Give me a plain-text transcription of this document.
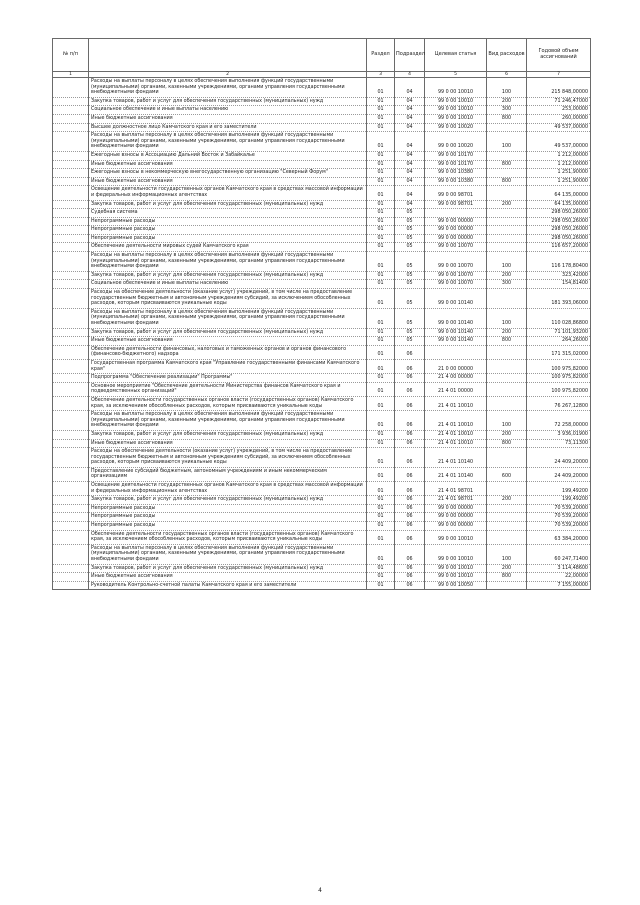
№ п/п		Раздел	Подраздел	Целевая статья	Вид расходов	Годовой объем ассигнований
1	2	3	4	5	6	7
	Расходы на выплаты персоналу в целях обеспечения выполнения функций государственными (муниципальными) органами, казенными учреждениями, органами управления государственными внебюджетными фондами	01	04	99 0 00 10010	100	215 848,00000
	Закупка товаров, работ и услуг для обеспечения государственных (муниципальных) нужд	01	04	99 0 00 10010	200	71 246,47000
	Социальное обеспечение и иные выплаты населению	01	04	99 0 00 10010	300	253,00000
	Иные бюджетные ассигнования	01	04	99 0 00 10010	800	260,00000
	Высшее должностное лицо Камчатского края и его заместители	01	04	99 0 00 10020		49 537,00000
	Расходы на выплаты персоналу в целях обеспечения выполнения функций государственными (муниципальными) органами, казенными учреждениями, органами управления государственными внебюджетными фондами	01	04	99 0 00 10020	100	49 537,00000
	Ежегодные взносы в Ассоциацию Дальний Восток и Забайкалье	01	04	99 0 00 10170		1 212,00000
	Иные бюджетные ассигнования	01	04	99 0 00 10170	800	1 212,00000
	Ежегодные взносы в некоммерческую внегосударственную организацию "Северный Форум"	01	04	99 0 00 10380		1 251,90000
	Иные бюджетные ассигнования	01	04	99 0 00 10380	800	1 251,90000
	Освещение деятельности государственных органов Камчатского края в средствах массовой информации и федеральных информационных агентствах	01	04	99 0 00 98701		64 135,00000
	Закупка товаров, работ и услуг для обеспечения государственных (муниципальных) нужд	01	04	99 0 00 98701	200	64 135,00000
	Судебная система	01	05			298 050,26000
	Непрограммные расходы	01	05	99 0 00 00000		298 050,26000
	Непрограммные расходы	01	05	99 0 00 00000		298 050,26000
	Непрограммные расходы	01	05	99 0 00 00000		298 050,26000
	Обеспечение деятельности мировых судей Камчатского края	01	05	99 0 00 10070		116 657,20000
	Расходы на выплаты персоналу в целях обеспечения выполнения функций государственными (муниципальными) органами, казенными учреждениями, органами управления государственными внебюджетными фондами	01	05	99 0 00 10070	100	116 178,80400
	Закупка товаров, работ и услуг для обеспечения государственных (муниципальных) нужд	01	05	99 0 00 10070	200	323,42000
	Социальное обеспечение и иные выплаты населению	01	05	99 0 00 10070	300	154,81400
	Расходы на обеспечение деятельности (оказание услуг) учреждений, в том числе на предоставление государственным бюджетным и автономным учреждениям субсидий, за исключением обособленных расходов, которым присваиваются уникальные коды	01	05	99 0 00 10140		181 393,06000
	Расходы на выплаты персоналу в целях обеспечения выполнения функций государственными (муниципальными) органами, казенными учреждениями, органами управления государственными внебюджетными фондами	01	05	99 0 00 10140	100	110 028,86800
	Закупка товаров, работ и услуг для обеспечения государственных (муниципальных) нужд	01	05	99 0 00 10140	200	71 101,93200
	Иные бюджетные ассигнования	01	05	99 0 00 10140	800	264,26000
	Обеспечение деятельности финансовых, налоговых и таможенных органов и органов финансового (финансово-бюджетного) надзора	01	06			171 315,02000
	Государственная программа Камчатского края "Управление государственными финансами Камчатского края"	01	06	21 0 00 00000		100 975,82000
	Подпрограмма "Обеспечение реализации" Программы"	01	06	21 4 00 00000		100 975,82000
	Основное мероприятие "Обеспечение деятельности Министерства финансов Камчатского края и подведомственных организаций"	01	06	21 4 01 00000		100 975,82000
	Обеспечение деятельности государственных органов власти (государственных органов) Камчатского края, за исключением обособленных расходов, которым присваиваются уникальные коды	01	06	21 4 01 10010		76 267,12800
	Расходы на выплаты персоналу в целях обеспечения выполнения функций государственными (муниципальными) органами, казенными учреждениями, органами управления государственными внебюджетными фондами	01	06	21 4 01 10010	100	72 258,00000
	Закупка товаров, работ и услуг для обеспечения государственных (муниципальных) нужд	01	06	21 4 01 10010	200	3 936,01900
	Иные бюджетные ассигнования	01	06	21 4 01 10010	800	73,11300
	Расходы на обеспечение деятельности (оказание услуг) учреждений, в том числе на предоставление государственным бюджетным и автономным учреждениям субсидий, за исключением обособленных расходов, которым присваиваются уникальные коды	01	06	21 4 01 10140		24 409,20000
	Предоставление субсидий бюджетным, автономным учреждениям и иным некоммерческим организациям	01	06	21 4 01 10140	600	24 409,20000
	Освещение деятельности государственных органов Камчатского края в средствах массовой информации и федеральных информационных агентствах	01	06	21 4 01 98701		199,49200
	Закупка товаров, работ и услуг для обеспечения государственных (муниципальных) нужд	01	06	21 4 01 98701	200	199,49200
	Непрограммные расходы	01	06	99 0 00 00000		70 539,20000
	Непрограммные расходы	01	06	99 0 00 00000		70 539,20000
	Непрограммные расходы	01	06	99 0 00 00000		70 539,20000
	Обеспечение деятельности государственных органов власти (государственных органов) Камчатского края, за исключением обособленных расходов, которым присваиваются уникальные коды	01	06	99 0 00 10010		63 384,20000
	Расходы на выплаты персоналу в целях обеспечения выполнения функций государственными (муниципальными) органами, казенными учреждениями, органами управления государственными внебюджетными фондами	01	06	99 0 00 10010	100	60 247,71400
	Закупка товаров, работ и услуг для обеспечения государственных (муниципальных) нужд	01	06	99 0 00 10010	200	3 114,48600
	Иные бюджетные ассигнования	01	06	99 0 00 10010	800	22,00000
	Руководитель Контрольно-счетной палаты Камчатского края и его заместители	01	06	99 0 00 10050		7 155,00000
4
